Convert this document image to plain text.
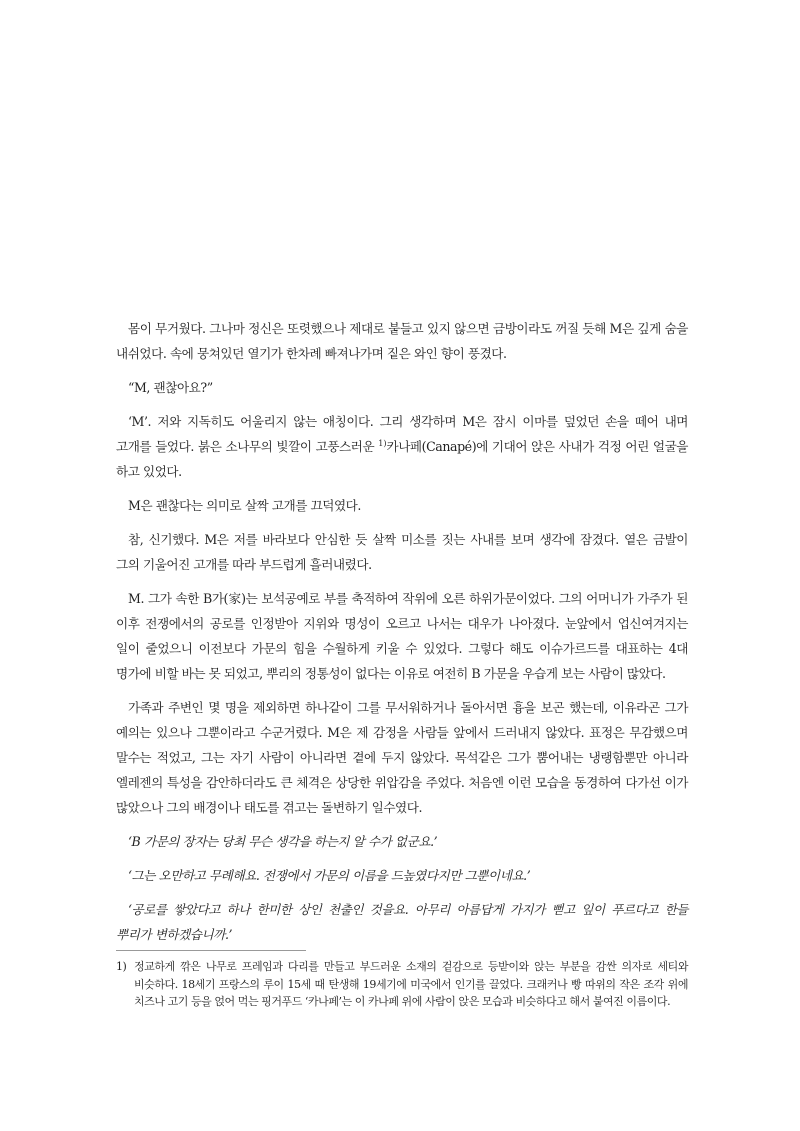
몸이 무거웠다. 그나마 정신은 또렷했으나 제대로 붙들고 있지 않으면 금방이라도 꺼질 듯해 M은 깊게 숨을 내쉬었다. 속에 뭉쳐있던 열기가 한차례 빠져나가며 짙은 와인 향이 풍겼다.

“M, 괜찮아요?”

‘M’. 저와 지독히도 어울리지 않는 애칭이다. 그리 생각하며 M은 잠시 이마를 덮었던 손을 떼어 내며 고개를 들었다. 붉은 소나무의 빛깔이 고풍스러운 $^{1)}$카나페(Canapé)에 기대어 앉은 사내가 걱정 어린 얼굴을 하고 있었다.

M은 괜찮다는 의미로 살짝 고개를 끄덕였다.

참, 신기했다. M은 저를 바라보다 안심한 듯 살짝 미소를 짓는 사내를 보며 생각에 잠겼다. 옅은 금발이 그의 기울어진 고개를 따라 부드럽게 흘러내렸다.

M. 그가 속한 B가(家)는 보석공예로 부를 축적하여 작위에 오른 하위가문이었다. 그의 어머니가 가주가 된 이후 전쟁에서의 공로를 인정받아 지위와 명성이 오르고 나서는 대우가 나아졌다. 눈앞에서 업신여겨지는 일이 줄었으니 이전보다 가문의 힘을 수월하게 키울 수 있었다. 그렇다 해도 이슈가르드를 대표하는 4대 명가에 비할 바는 못 되었고, 뿌리의 정통성이 없다는 이유로 여전히 B 가문을 우습게 보는 사람이 많았다.

가족과 주변인 몇 명을 제외하면 하나같이 그를 무서워하거나 돌아서면 흉을 보곤 했는데, 이유라곤 그가 예의는 있으나 그뿐이라고 수군거렸다. M은 제 감정을 사람들 앞에서 드러내지 않았다. 표정은 무감했으며 말수는 적었고, 그는 자기 사람이 아니라면 곁에 두지 않았다. 목석같은 그가 뿜어내는 냉랭함뿐만 아니라 엘레젠의 특성을 감안하더라도 큰 체격은 상당한 위압감을 주었다. 처음엔 이런 모습을 동경하여 다가선 이가 많았으나 그의 배경이나 태도를 겪고는 돌변하기 일수였다.

‘B 가문의 장자는 당최 무슨 생각을 하는지 알 수가 없군요.’

‘그는 오만하고 무례해요. 전쟁에서 가문의 이름을 드높였다지만 그뿐이네요.’

‘공로를 쌓았다고 하나 한미한 상인 천출인 것을요. 아무리 아름답게 가지가 뻗고 잎이 푸르다고 한들 뿌리가 변하겠습니까.’

1) 정교하게 깎은 나무로 프레임과 다리를 만들고 부드러운 소재의 겉감으로 등받이와 앉는 부분을 감싼 의자로 세티와 비슷하다. 18세기 프랑스의 루이 15세 때 탄생해 19세기에 미국에서 인기를 끌었다. 크래커나 빵 따위의 작은 조각 위에 치즈나 고기 등을 얹어 먹는 핑거푸드 ‘카나페’는 이 카나페 위에 사람이 앉은 모습과 비슷하다고 해서 붙여진 이름이다.
